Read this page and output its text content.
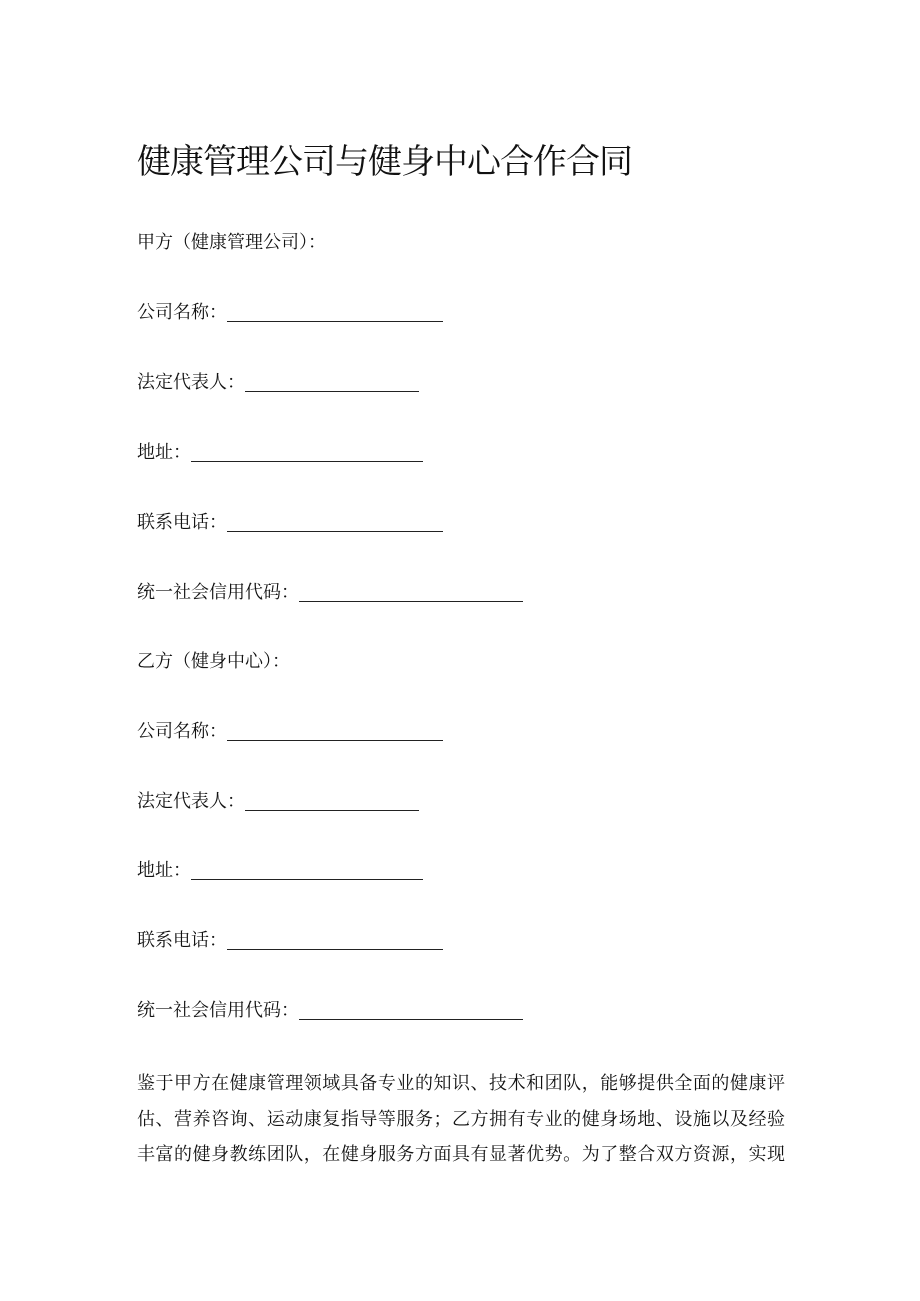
健康管理公司与健身中心合作合同
甲方（健康管理公司）：
公司名称：
法定代表人：
地址：
联系电话：
统一社会信用代码：
乙方（健身中心）：
公司名称：
法定代表人：
地址：
联系电话：
统一社会信用代码：
鉴于甲方在健康管理领域具备专业的知识、技术和团队，能够提供全面的健康评
估、营养咨询、运动康复指导等服务；乙方拥有专业的健身场地、设施以及经验
丰富的健身教练团队，在健身服务方面具有显著优势。为了整合双方资源，实现
